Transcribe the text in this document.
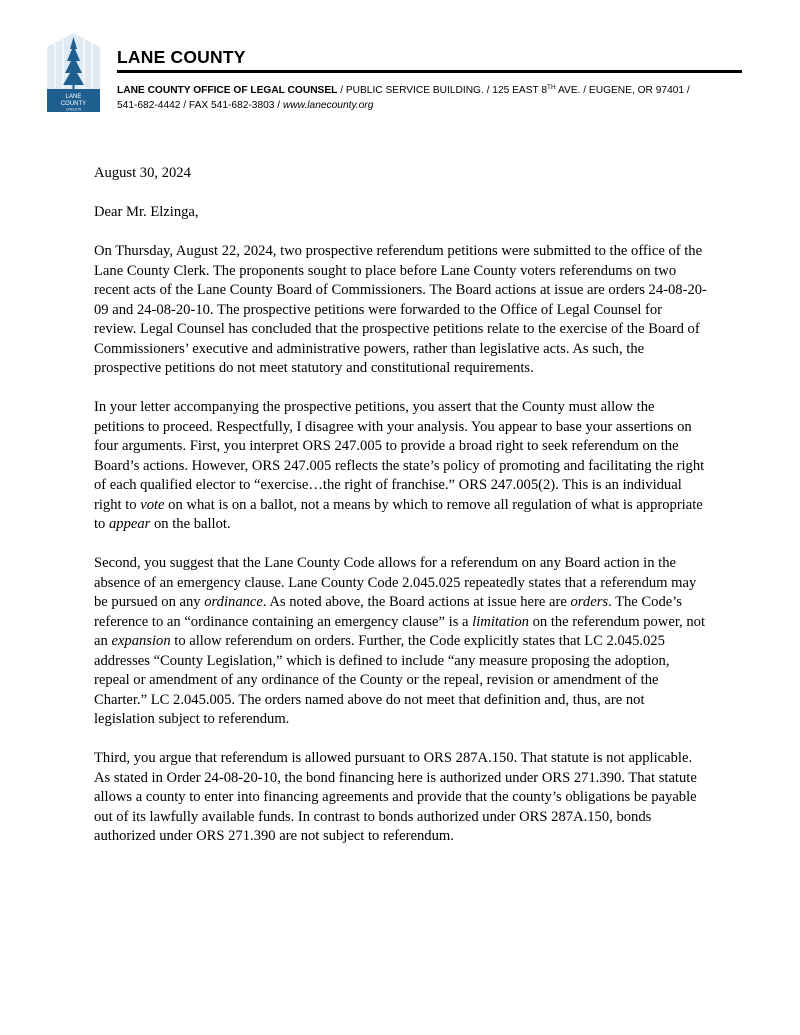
LANE
COUNTY
OREGON
LANE COUNTY
LANE COUNTY OFFICE OF LEGAL COUNSEL / PUBLIC SERVICE BUILDING. / 125 EAST 8TH AVE. / EUGENE, OR 97401 /
541-682-4442 / FAX 541-682-3803 / www.lanecounty.org

August 30, 2024

Dear Mr. Elzinga,

On Thursday, August 22, 2024, two prospective referendum petitions were submitted to the office of the Lane County Clerk. The proponents sought to place before Lane County voters referendums on two recent acts of the Lane County Board of Commissioners. The Board actions at issue are orders 24-08-20-09 and 24-08-20-10. The prospective petitions were forwarded to the Office of Legal Counsel for review. Legal Counsel has concluded that the prospective petitions relate to the exercise of the Board of Commissioners’ executive and administrative powers, rather than legislative acts. As such, the prospective petitions do not meet statutory and constitutional requirements.

In your letter accompanying the prospective petitions, you assert that the County must allow the petitions to proceed. Respectfully, I disagree with your analysis. You appear to base your assertions on four arguments. First, you interpret ORS 247.005 to provide a broad right to seek referendum on the Board’s actions. However, ORS 247.005 reflects the state’s policy of promoting and facilitating the right of each qualified elector to “exercise…the right of franchise.” ORS 247.005(2). This is an individual right to vote on what is on a ballot, not a means by which to remove all regulation of what is appropriate to appear on the ballot.

Second, you suggest that the Lane County Code allows for a referendum on any Board action in the absence of an emergency clause. Lane County Code 2.045.025 repeatedly states that a referendum may be pursued on any ordinance. As noted above, the Board actions at issue here are orders. The Code’s reference to an “ordinance containing an emergency clause” is a limitation on the referendum power, not an expansion to allow referendum on orders. Further, the Code explicitly states that LC 2.045.025 addresses “County Legislation,” which is defined to include “any measure proposing the adoption, repeal or amendment of any ordinance of the County or the repeal, revision or amendment of the Charter.” LC 2.045.005. The orders named above do not meet that definition and, thus, are not legislation subject to referendum.

Third, you argue that referendum is allowed pursuant to ORS 287A.150. That statute is not applicable. As stated in Order 24-08-20-10, the bond financing here is authorized under ORS 271.390. That statute allows a county to enter into financing agreements and provide that the county’s obligations be payable out of its lawfully available funds. In contrast to bonds authorized under ORS 287A.150, bonds authorized under ORS 271.390 are not subject to referendum.
